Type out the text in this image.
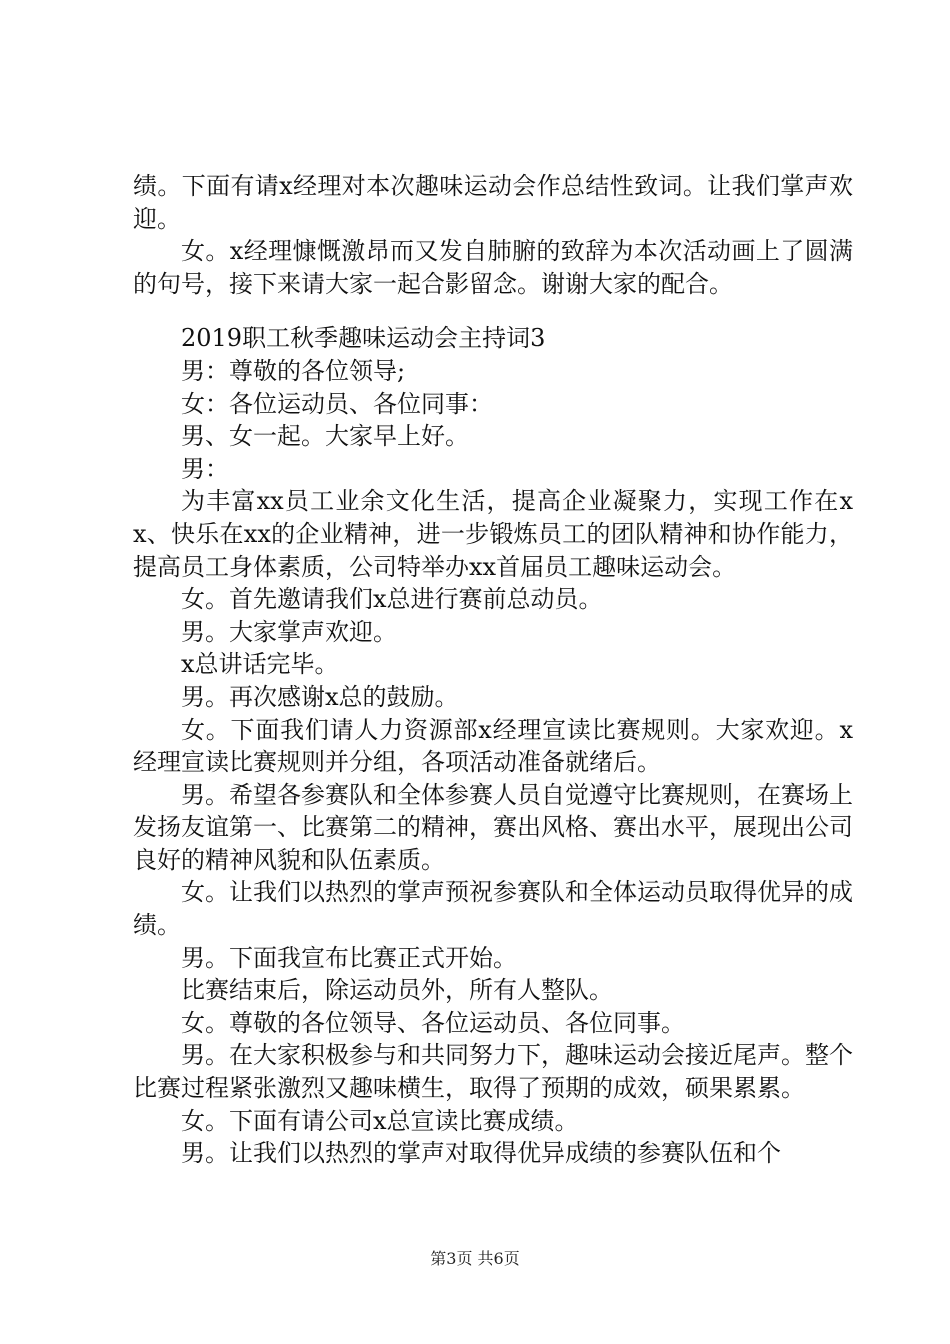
绩。下面有请x经理对本次趣味运动会作总结性致词。让我们掌声欢迎。

女。x经理慷慨激昂而又发自肺腑的致辞为本次活动画上了圆满的句号，接下来请大家一起合影留念。谢谢大家的配合。

2019职工秋季趣味运动会主持词3

男：尊敬的各位领导;

女：各位运动员、各位同事：

男、女一起。大家早上好。

男：

为丰富xx员工业余文化生活，提高企业凝聚力，实现工作在xx、快乐在xx的企业精神，进一步锻炼员工的团队精神和协作能力，提高员工身体素质，公司特举办xx首届员工趣味运动会。

女。首先邀请我们x总进行赛前总动员。

男。大家掌声欢迎。

x总讲话完毕。

男。再次感谢x总的鼓励。

女。下面我们请人力资源部x经理宣读比赛规则。大家欢迎。x经理宣读比赛规则并分组，各项活动准备就绪后。

男。希望各参赛队和全体参赛人员自觉遵守比赛规则，在赛场上发扬友谊第一、比赛第二的精神，赛出风格、赛出水平，展现出公司良好的精神风貌和队伍素质。

女。让我们以热烈的掌声预祝参赛队和全体运动员取得优异的成绩。

男。下面我宣布比赛正式开始。

比赛结束后，除运动员外，所有人整队。

女。尊敬的各位领导、各位运动员、各位同事。

男。在大家积极参与和共同努力下，趣味运动会接近尾声。整个比赛过程紧张激烈又趣味横生，取得了预期的成效，硕果累累。

女。下面有请公司x总宣读比赛成绩。

男。让我们以热烈的掌声对取得优异成绩的参赛队伍和个

第3页 共6页
